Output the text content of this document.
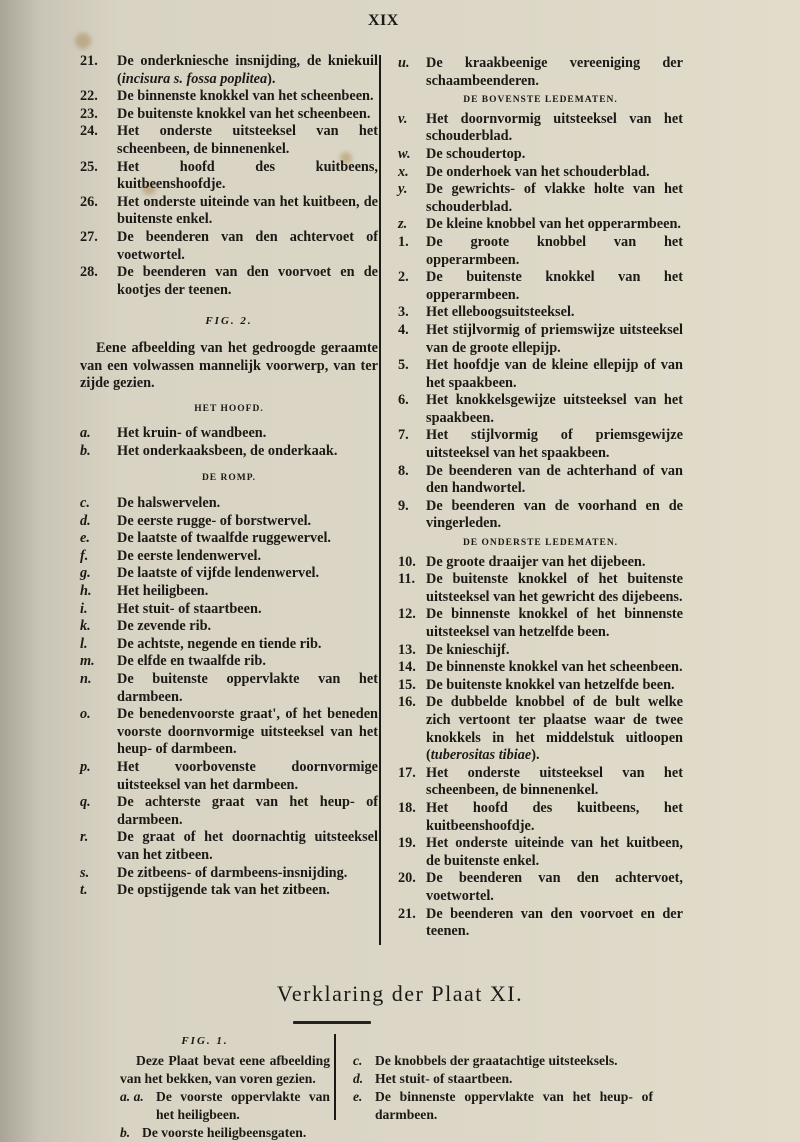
XIX
21. De onderkniesche insnijding, de kniekuil (incisura s. fossa poplitea).
22. De binnenste knokkel van het scheenbeen.
23. De buitenste knokkel van het scheenbeen.
24. Het onderste uitsteeksel van het scheenbeen, de binnenenkel.
25. Het hoofd des kuitbeens, kuitbeenshoofdje.
26. Het onderste uiteinde van het kuitbeen, de buitenste enkel.
27. De beenderen van den achtervoet of voetwortel.
28. De beenderen van den voorvoet en de kootjes der teenen.
FIG. 2.
Eene afbeelding van het gedroogde geraamte van een volwassen mannelijk voorwerp, van ter zijde gezien.
HET HOOFD.
a. Het kruin- of wandbeen.
b. Het onderkaaksbeen, de onderkaak.
DE ROMP.
c. De halswervelen.
d. De eerste rugge- of borstwervel.
e. De laatste of twaalfde ruggewervel.
f. De eerste lendenwervel.
g. De laatste of vijfde lendenwervel.
h. Het heiligbeen.
i. Het stuit- of staartbeen.
k. De zevende rib.
l. De achtste, negende en tiende rib.
m. De elfde en twaalfde rib.
n. De buitenste oppervlakte van het darmbeen.
o. De benedenvoorste graat', of het beneden voorste doornvormige uitsteeksel van het heup- of darmbeen.
p. Het voorbovenste doornvormige uitsteeksel van het darmbeen.
q. De achterste graat van het heup- of darmbeen.
r. De graat of het doornachtig uitsteeksel van het zitbeen.
s. De zitbeens- of darmbeens-insnijding.
t. De opstijgende tak van het zitbeen.
u. De kraakbeenige vereeniging der schaambeenderen.
DE BOVENSTE LEDEMATEN.
v. Het doornvormig uitsteeksel van het schouderblad.
w. De schoudertop.
x. De onderhoek van het schouderblad.
y. De gewrichts- of vlakke holte van het schouderblad.
z. De kleine knobbel van het opperarmbeen.
1. De groote knobbel van het opperarmbeen.
2. De buitenste knokkel van het opperarmbeen.
3. Het elleboogsuitsteeksel.
4. Het stijlvormig of priemswijze uitsteeksel van de groote ellepijp.
5. Het hoofdje van de kleine ellepijp of van het spaakbeen.
6. Het knokkelsgewijze uitsteeksel van het spaakbeen.
7. Het stijlvormig of priemsgewijze uitsteeksel van het spaakbeen.
8. De beenderen van de achterhand of van den handwortel.
9. De beenderen van de voorhand en de vingerleden.
DE ONDERSTE LEDEMATEN.
10. De groote draaijer van het dijebeen.
11. De buitenste knokkel of het buitenste uitsteeksel van het gewricht des dijebeens.
12. De binnenste knokkel of het binnenste uitsteeksel van hetzelfde been.
13. De knieschijf.
14. De binnenste knokkel van het scheenbeen.
15. De buitenste knokkel van hetzelfde been.
16. De dubbelde knobbel of de bult welke zich vertoont ter plaatse waar de twee knokkels in het middelstuk uitloopen (tuberositas tibiae).
17. Het onderste uitsteeksel van het scheenbeen, de binnenenkel.
18. Het hoofd des kuitbeens, het kuitbeenshoofdje.
19. Het onderste uiteinde van het kuitbeen, de buitenste enkel.
20. De beenderen van den achtervoet, voetwortel.
21. De beenderen van den voorvoet en der teenen.
Verklaring der Plaat XI.
FIG. 1.
Deze Plaat bevat eene afbeelding van het bekken, van voren gezien.
a. a. De voorste oppervlakte van het heiligbeen.
b. De voorste heiligbeensgaten.
c. De knobbels der graatachtige uitsteeksels.
d. Het stuit- of staartbeen.
e. De binnenste oppervlakte van het heup- of darmbeen.
